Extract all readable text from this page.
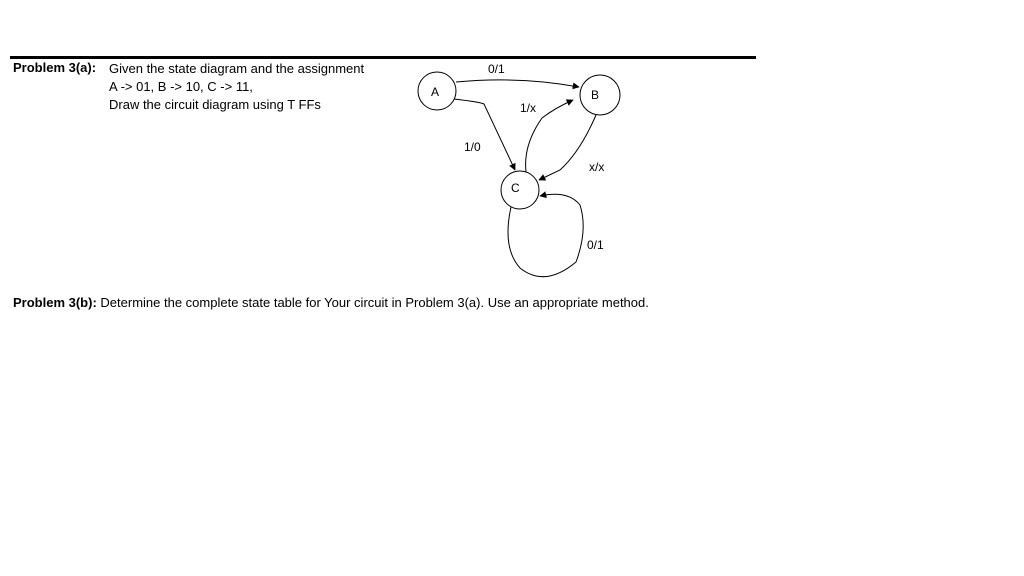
Problem 3(a): Given the state diagram and the assignment
A -> 01, B -> 10, C -> 11,
Draw the circuit diagram using T FFs
A	B
C
0/1
1/0
1/x
x/x
0/1
Problem 3(b): Determine the complete state table for Your circuit in Problem 3(a). Use an appropriate method.
